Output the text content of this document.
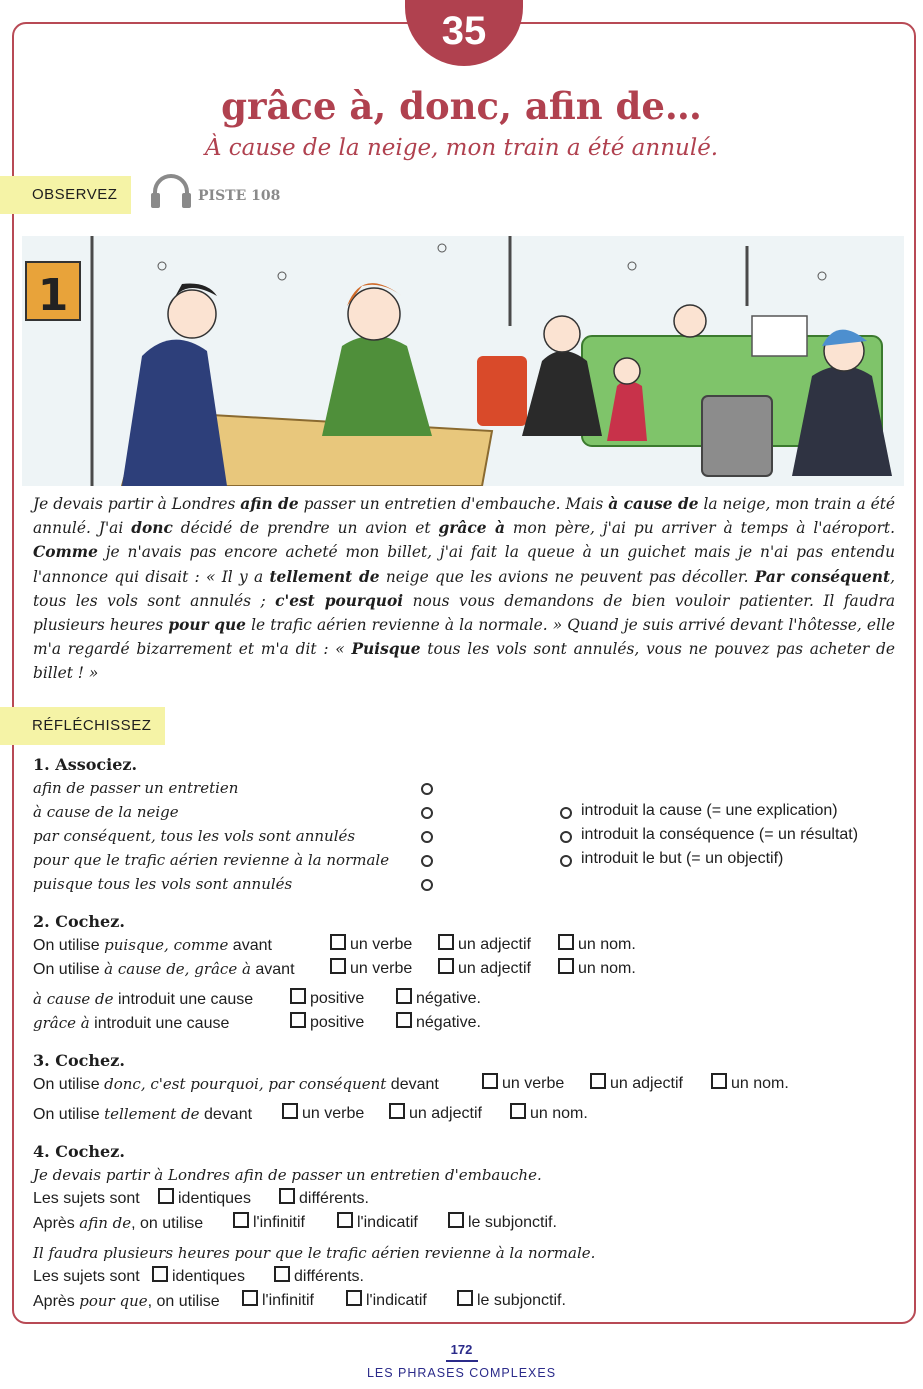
35
grâce à, donc, afin de…
À cause de la neige, mon train a été annulé.
OBSERVEZ	PISTE 108
1
Je devais partir à Londres afin de passer un entretien d'embauche. Mais à cause de la neige, mon train a été annulé. J'ai donc décidé de prendre un avion et grâce à mon père, j'ai pu arriver à temps à l'aéroport. Comme je n'avais pas encore acheté mon billet, j'ai fait la queue à un guichet mais je n'ai pas entendu l'annonce qui disait : « Il y a tellement de neige que les avions ne peuvent pas décoller. Par conséquent, tous les vols sont annulés ; c'est pourquoi nous vous demandons de bien vouloir patienter. Il faudra plusieurs heures pour que le trafic aérien revienne à la normale. » Quand je suis arrivé devant l'hôtesse, elle m'a regardé bizarrement et m'a dit : « Puisque tous les vols sont annulés, vous ne pouvez pas acheter de billet ! »
RÉFLÉCHISSEZ
1. Associez.
afin de passer un entretien
à cause de la neige
par conséquent, tous les vols sont annulés
pour que le trafic aérien revienne à la normale
puisque tous les vols sont annulés
introduit la cause (= une explication)
introduit la conséquence (= un résultat)
introduit le but (= un objectif)
2. Cochez.
On utilise puisque, comme avant	un verbe	un adjectif	un nom.
On utilise à cause de, grâce à avant	un verbe	un adjectif	un nom.
à cause de introduit une cause	positive	négative.
grâce à introduit une cause	positive	négative.
3. Cochez.
On utilise donc, c'est pourquoi, par conséquent devant	un verbe	un adjectif	un nom.
On utilise tellement de devant	un verbe	un adjectif	un nom.
4. Cochez.
Je devais partir à Londres afin de passer un entretien d'embauche.
Les sujets sont	identiques	différents.
Après afin de, on utilise	l'infinitif	l'indicatif	le subjonctif.
Il faudra plusieurs heures pour que le trafic aérien revienne à la normale.
Les sujets sont	identiques	différents.
Après pour que, on utilise	l'infinitif	l'indicatif	le subjonctif.
172
LES PHRASES COMPLEXES
